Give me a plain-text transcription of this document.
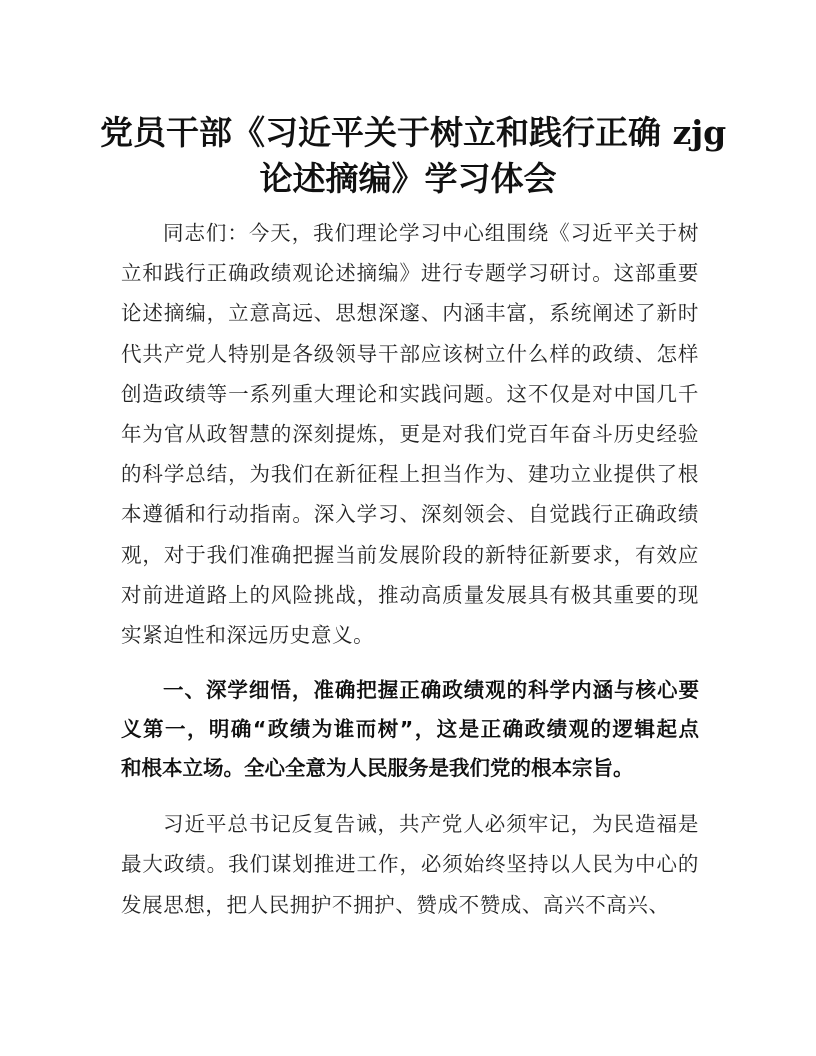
党员干部《习近平关于树立和践行正确 zjg
论述摘编》学习体会

同志们：今天，我们理论学习中心组围绕《习近平关于树
立和践行正确政绩观论述摘编》进行专题学习研讨。这部重要
论述摘编，立意高远、思想深邃、内涵丰富，系统阐述了新时
代共产党人特别是各级领导干部应该树立什么样的政绩、怎样
创造政绩等一系列重大理论和实践问题。这不仅是对中国几千
年为官从政智慧的深刻提炼，更是对我们党百年奋斗历史经验
的科学总结，为我们在新征程上担当作为、建功立业提供了根
本遵循和行动指南。深入学习、深刻领会、自觉践行正确政绩
观，对于我们准确把握当前发展阶段的新特征新要求，有效应
对前进道路上的风险挑战，推动高质量发展具有极其重要的现
实紧迫性和深远历史意义。

一、深学细悟，准确把握正确政绩观的科学内涵与核心要
义第一，明确“政绩为谁而树”，这是正确政绩观的逻辑起点
和根本立场。全心全意为人民服务是我们党的根本宗旨。

习近平总书记反复告诫，共产党人必须牢记，为民造福是
最大政绩。我们谋划推进工作，必须始终坚持以人民为中心的
发展思想，把人民拥护不拥护、赞成不赞成、高兴不高兴、
